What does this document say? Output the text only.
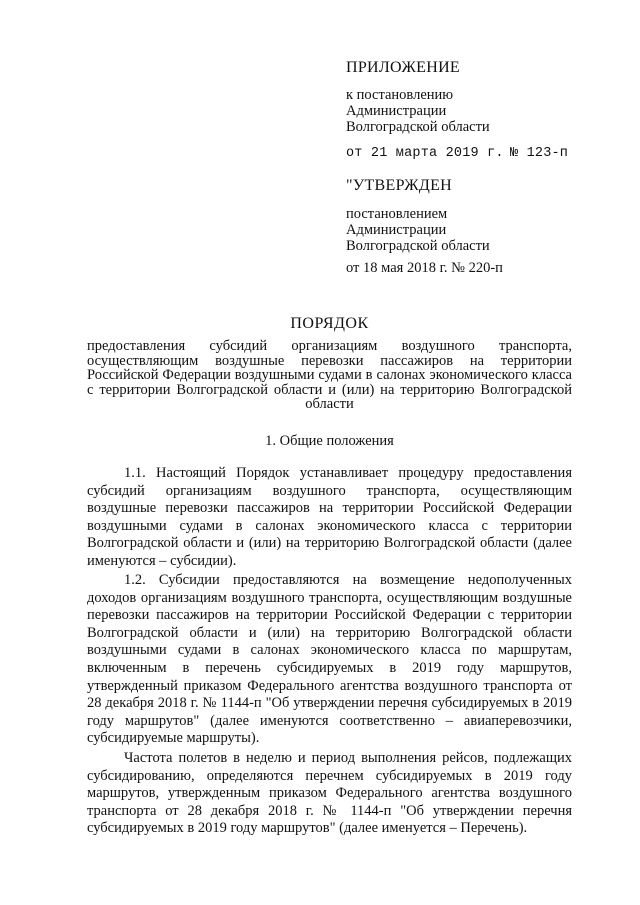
ПРИЛОЖЕНИЕ
к постановлению
Администрации
Волгоградской области
от 21 марта 2019 г. № 123-п
"УТВЕРЖДЕН
постановлением
Администрации
Волгоградской области
от 18 мая 2018 г. № 220-п
ПОРЯДОК
предоставления субсидий организациям воздушного транспорта, осуществляющим воздушные перевозки пассажиров на территории Российской Федерации воздушными судами в салонах экономического класса с территории Волгоградской области и (или) на территорию Волгоградской области
1. Общие положения
1.1. Настоящий Порядок устанавливает процедуру предоставления субсидий организациям воздушного транспорта, осуществляющим воздушные перевозки пассажиров на территории Российской Федерации воздушными судами в салонах экономического класса с территории Волгоградской области и (или) на территорию Волгоградской области (далее именуются – субсидии).
1.2. Субсидии предоставляются на возмещение недополученных доходов организациям воздушного транспорта, осуществляющим воздушные перевозки пассажиров на территории Российской Федерации с территории Волгоградской области и (или) на территорию Волгоградской области воздушными судами в салонах экономического класса по маршрутам, включенным в перечень субсидируемых в 2019 году маршрутов, утвержденный приказом Федерального агентства воздушного транспорта от 28 декабря 2018 г. № 1144-п "Об утверждении перечня субсидируемых в 2019 году маршрутов" (далее именуются соответственно – авиаперевозчики, субсидируемые маршруты).
Частота полетов в неделю и период выполнения рейсов, подлежащих субсидированию, определяются перечнем субсидируемых в 2019 году маршрутов, утвержденным приказом Федерального агентства воздушного транспорта от 28 декабря 2018 г. № 1144-п "Об утверждении перечня субсидируемых в 2019 году маршрутов" (далее именуется – Перечень).
